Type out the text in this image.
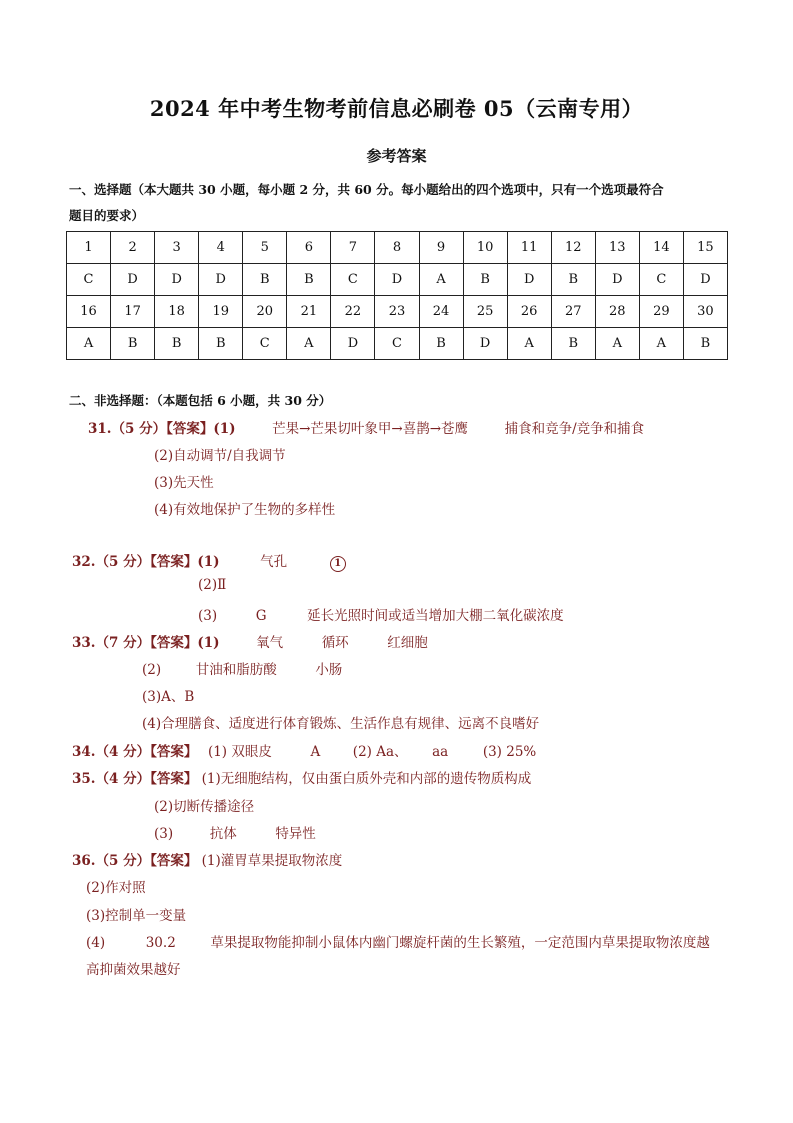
2024 年中考生物考前信息必刷卷 05（云南专用）
参考答案
一、选择题（本大题共 30 小题，每小题 2 分，共 60 分。每小题给出的四个选项中，只有一个选项最符合
题目的要求）
1	2	3	4	5	6	7	8	9	10	11	12	13	14	15
C	D	D	D	B	B	C	D	A	B	D	B	D	C	D
16	17	18	19	20	21	22	23	24	25	26	27	28	29	30
A	B	B	B	C	A	D	C	B	D	A	B	A	A	B
二、非选择题：（本题包括 6 小题，共 30 分）
31.（5 分）【答案】(1)	芒果→芒果切叶象甲→喜鹊→苍鹰	捕食和竞争/竞争和捕食
(2)自动调节/自我调节
(3)先天性
(4)有效地保护了生物的多样性
32.（5 分）【答案】(1)	气孔	1
(2)Ⅱ
(3)	G	延长光照时间或适当增加大棚二氧化碳浓度
33.（7 分）【答案】(1)	氧气	循环	红细胞
(2)	甘油和脂肪酸	小肠
(3)A、B
(4)合理膳食、适度进行体育锻炼、生活作息有规律、远离不良嗜好
34.（4 分）【答案】 (1) 双眼皮	A (2) Aa、 aa	(3) 25%
35.（4 分）【答案】 (1)无细胞结构，仅由蛋白质外壳和内部的遗传物质构成
(2)切断传播途径
(3)	抗体	特异性
36.（5 分）【答案】 (1)灌胃草果提取物浓度
(2)作对照
(3)控制单一变量
(4)	30.2	草果提取物能抑制小鼠体内幽门螺旋杆菌的生长繁殖，一定范围内草果提取物浓度越
高抑菌效果越好
